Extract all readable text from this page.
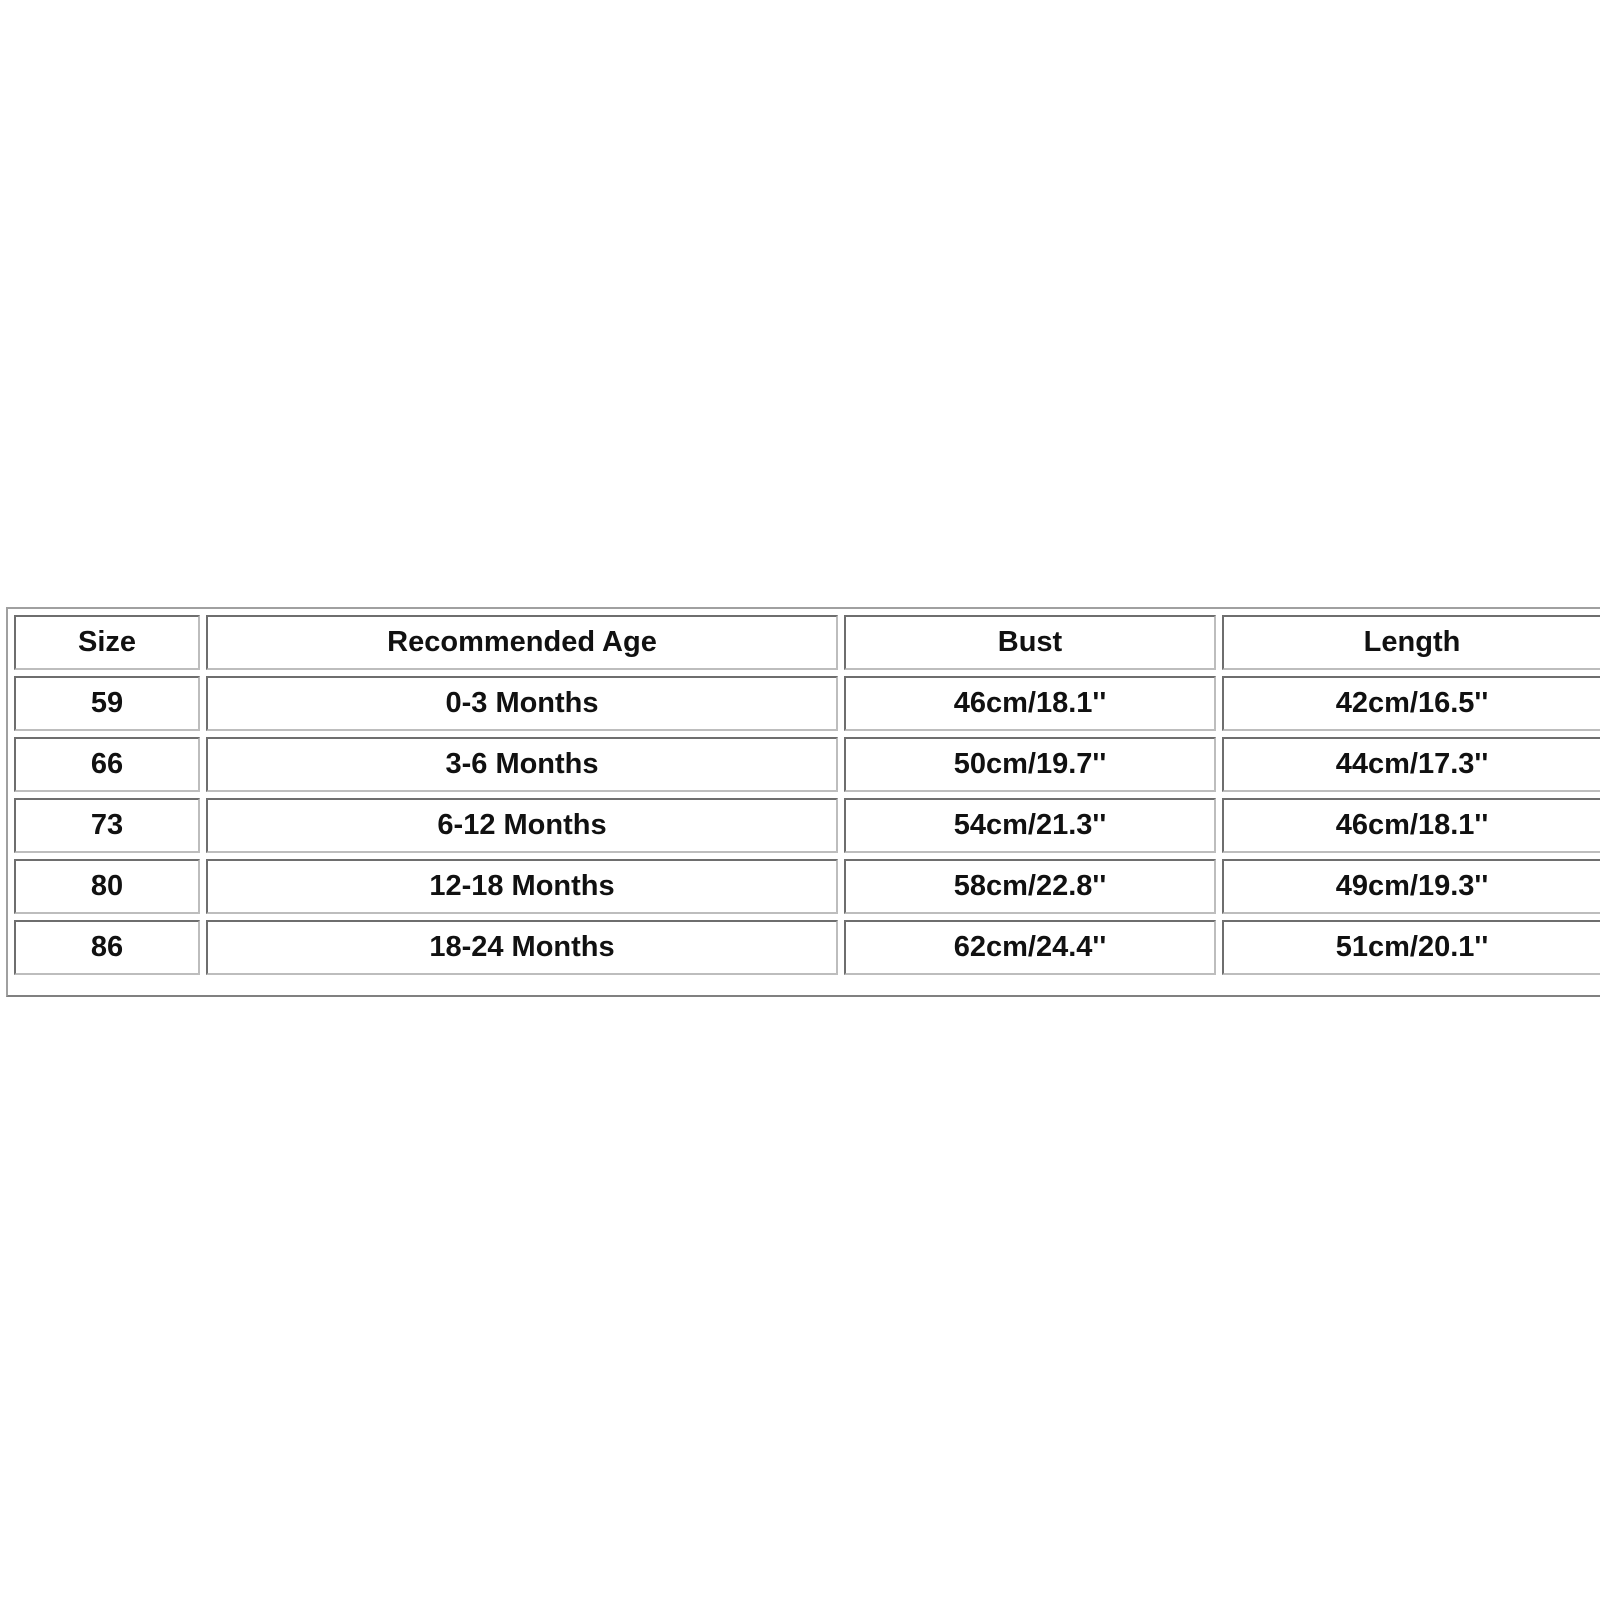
Size	Recommended Age	Bust	Length
59	0-3 Months	46cm/18.1''	42cm/16.5''
66	3-6 Months	50cm/19.7''	44cm/17.3''
73	6-12 Months	54cm/21.3''	46cm/18.1''
80	12-18 Months	58cm/22.8''	49cm/19.3''
86	18-24 Months	62cm/24.4''	51cm/20.1''
